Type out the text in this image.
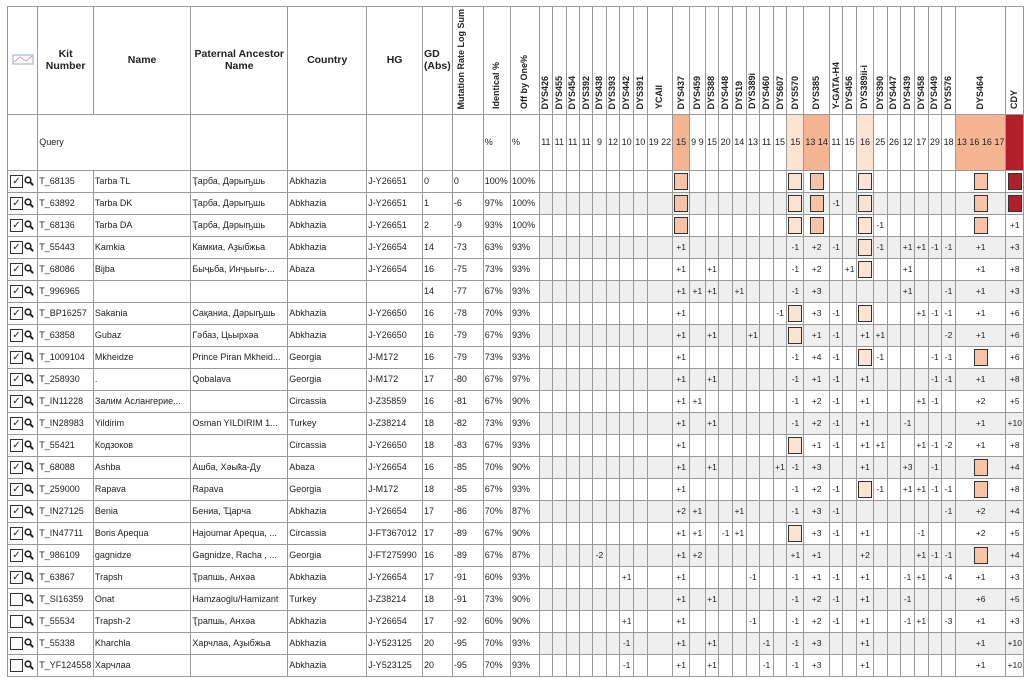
	Kit Number	Name	Paternal Ancestor Name	Country	HG	GD (Abs)	Mutation Rate Log Sum	Identical %	Off by One%	DYS426	DYS455	DYS454	DYS392	DYS438	DYS393	DYS442	DYS391	YCAII	DYS437	DYS459	DYS388	DYS448	DYS19	DYS389i	DYS460	DYS607	DYS570	DYS385	Y-GATA-H4	DYS456	DYS389ii-i	DYS390	DYS447	DYS439	DYS458	DYS449	DYS576	DYS464	CDY

	Query							%	%	11	11	11	11	9	12	10	10	19 22	15	9 9	15	20	14	13	11	15	15	13 14	11	15	16	25	26	12	17	29	18	13 16 16 17	
✓	T_68135	Tarba TL	Ҭарба, Дәрыҧшь	Abkhazia	J-Y26651	0	0	100%	100%																														
✓	T_63892	Tarba DK	Ҭарба, Дәрыҧшь	Abkhazia	J-Y26651	1	-6	97%	100%																				-1										
✓	T_68136	Tarba DA	Ҭарба, Дәрыҧшь	Abkhazia	J-Y26651	2	-9	93%	100%																							-1							+1
✓	T_55443	Kamkia	Камкиа, Аҙыбжьа	Abkhazia	J-Y26654	14	-73	63%	93%										+1								-1	+2	-1			-1		+1	+1	-1	-1	+1	+3
✓	T_68086	Bijba	Быҷьба, Инҷьыгь-...	Abaza	J-Y26654	16	-75	73%	93%										+1		+1						-1	+2		+1				+1				+1	+8
✓	T_996965					14	-77	67%	93%										+1	+1	+1		+1				-1	+3						+1			-1	+1	+3
✓	T_BP16257	Sakania	Сақаниа, Дәрыҧшь	Abkhazia	J-Y26650	16	-78	70%	93%										+1							-1		+3	-1						+1	-1	-1	+1	+6
✓	T_63858	Gubaz	Гәбаз, Цьырхәа	Abkhazia	J-Y26650	16	-79	67%	93%										+1		+1			+1				+1	-1		+1	+1					-2	+1	+6
✓	T_1009104	Mkheidze	Prince Piran Mkheid...	Georgia	J-M172	16	-79	73%	93%										+1								-1	+4	-1			-1				-1	-1		+6
✓	T_258930	.	Qobalava	Georgia	J-M172	17	-80	67%	97%										+1		+1						-1	+1	-1		+1					-1	-1	+1	+8
✓	T_IN11228	Залим Аслангерие...		Circassia	J-Z35859	16	-81	67%	90%										+1	+1							-1	+2	-1		+1				+1	-1		+2	+5
✓	T_IN28983	Yildirim	Osman YILDIRIM 1...	Turkey	J-Z38214	18	-82	73%	93%										+1		+1						-1	+2	-1		+1			-1				+1	+10
✓	T_55421	Кодзоков		Circassia	J-Y26650	18	-83	67%	93%										+1									+1	-1		+1	+1			+1	-1	-2	+1	+8
✓	T_68088	Ashba	Ашба, Хәыҟа-Ду	Abaza	J-Y26654	16	-85	70%	90%										+1		+1					+1	-1	+3			+1			+3		-1			+4
✓	T_259000	Rapava	Rapava	Georgia	J-M172	18	-85	67%	93%										+1								-1	+2	-1			-1		+1	+1	-1	-1		+8
✓	T_IN27125	Benia	Бениа, Ҵарча	Abkhazia	J-Y26654	17	-86	70%	87%										+2	+1			+1				-1	+3	-1								-1	+2	+4
✓	T_IN47711	Boris Apequa	Hajoumar Apequa, ...	Circassia	J-FT367012	17	-89	67%	90%										+1	+1		-1	+1					+3	-1		+1				-1			+2	+5
✓	T_986109	gagnidze	Gagnidze, Racha , ...	Georgia	J-FT275990	16	-89	67%	87%					-2					+1	+2							+1	+1			+2				+1	-1	-1		+4
✓	T_63867	Trapsh	Ҭрапшь, Анхәа	Abkhazia	J-Y26654	17	-91	60%	93%							+1			+1					-1			-1	+1	-1		+1			-1	+1		-4	+1	+3
	T_SI16359	Onat	Hamzaoglu/Hamizant	Turkey	J-Z38214	18	-91	73%	90%										+1		+1						-1	+2	-1		+1			-1				+6	+5
	T_55534	Trapsh-2	Ҭрапшь, Анхәа	Abkhazia	J-Y26654	17	-92	60%	90%							+1			+1					-1			-1	+2	-1		+1			-1	+1		-3	+1	+3
	T_55338	Kharchla	Харчлаа, Аҙыбжьа	Abkhazia	J-Y523125	20	-95	70%	93%							-1			+1		+1				-1		-1	+3			+1							+1	+10
	T_YF124558	Харчлаа		Abkhazia	J-Y523125	20	-95	70%	93%							-1			+1		+1				-1		-1	+3			+1							+1	+10
